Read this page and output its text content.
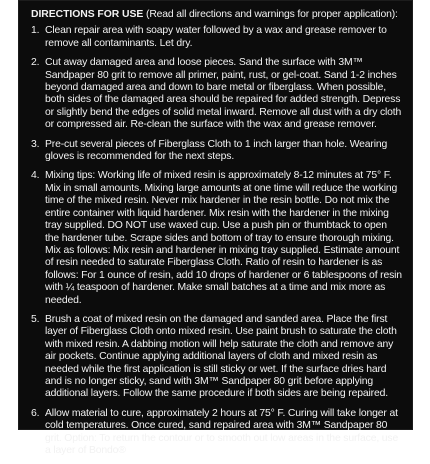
DIRECTIONS FOR USE (Read all directions and warnings for proper application):
1. Clean repair area with soapy water followed by a wax and grease remover to remove all contaminants. Let dry.
2. Cut away damaged area and loose pieces. Sand the surface with 3M™ Sandpaper 80 grit to remove all primer, paint, rust, or gel-coat. Sand 1-2 inches beyond damaged area and down to bare metal or fiberglass. When possible, both sides of the damaged area should be repaired for added strength. Depress or slightly bend the edges of solid metal inward. Remove all dust with a dry cloth or compressed air. Re-clean the surface with the wax and grease remover.
3. Pre-cut several pieces of Fiberglass Cloth to 1 inch larger than hole. Wearing gloves is recommended for the next steps.
4. Mixing tips: Working life of mixed resin is approximately 8-12 minutes at 75° F. Mix in small amounts. Mixing large amounts at one time will reduce the working time of the mixed resin. Never mix hardener in the resin bottle. Do not mix the entire container with liquid hardener. Mix resin with the hardener in the mixing tray supplied. DO NOT use waxed cup. Use a push pin or thumbtack to open the hardener tube. Scrape sides and bottom of tray to ensure thorough mixing. Mix as follows: Mix resin and hardener in mixing tray supplied. Estimate amount of resin needed to saturate Fiberglass Cloth. Ratio of resin to hardener is as follows: For 1 ounce of resin, add 10 drops of hardener or 6 tablespoons of resin with ¼ teaspoon of hardener. Make small batches at a time and mix more as needed.
5. Brush a coat of mixed resin on the damaged and sanded area. Place the first layer of Fiberglass Cloth onto mixed resin. Use paint brush to saturate the cloth with mixed resin. A dabbing motion will help saturate the cloth and remove any air pockets. Continue applying additional layers of cloth and mixed resin as needed while the first application is still sticky or wet. If the surface dries hard and is no longer sticky, sand with 3M™ Sandpaper 80 grit before applying additional layers. Follow the same procedure if both sides are being repaired.
6. Allow material to cure, approximately 2 hours at 75° F. Curing will take longer at cold temperatures. Once cured, sand repaired area with 3M™ Sandpaper 80 grit. Option: To return the contour or to smooth out low areas in the surface, use a layer of Bondo®
